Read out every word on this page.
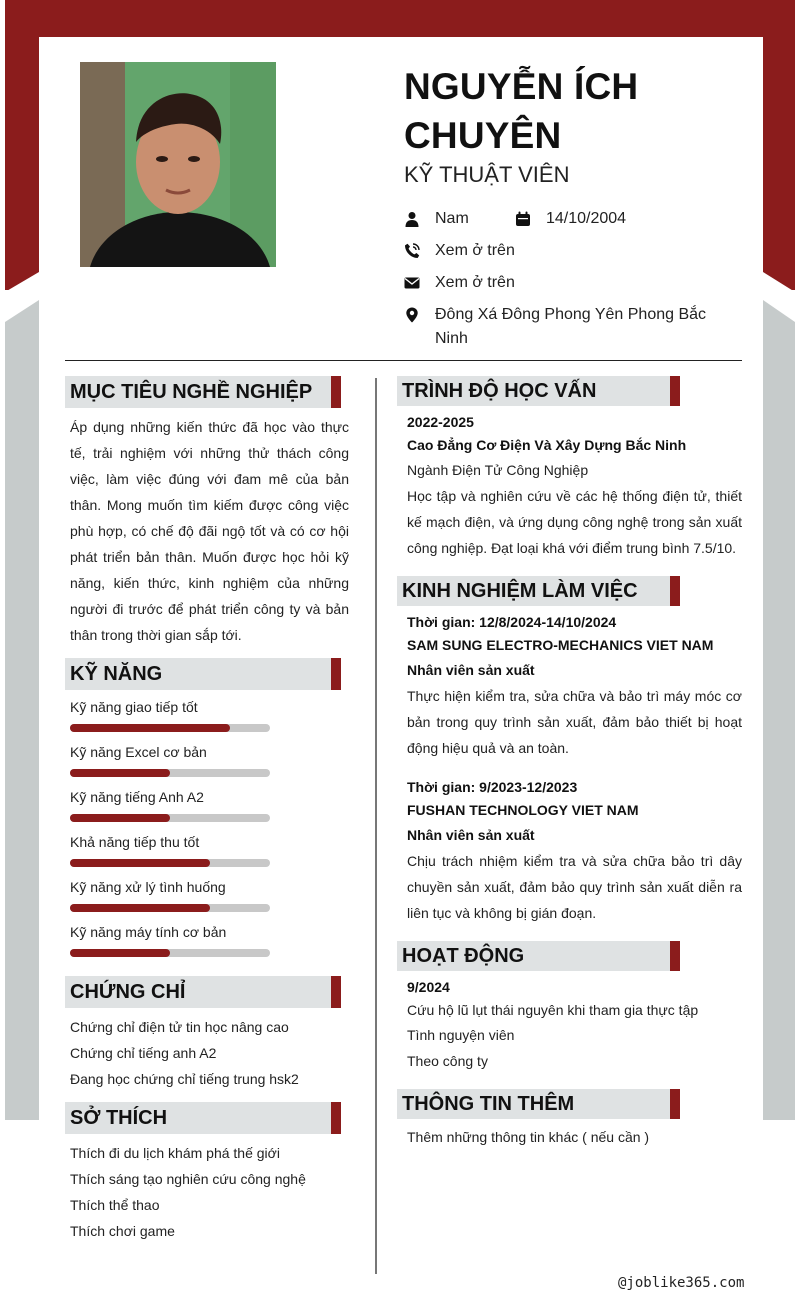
NGUYỄN ÍCH CHUYÊN
KỸ THUẬT VIÊN
Nam	14/10/2004
Xem ở trên
Xem ở trên
Đông Xá Đông Phong Yên Phong Bắc Ninh
MỤC TIÊU NGHỀ NGHIỆP
Áp dụng những kiến thức đã học vào thực tế, trải nghiệm với những thử thách công việc, làm việc đúng với đam mê của bản thân. Mong muốn tìm kiếm được công việc phù hợp, có chế độ đãi ngộ tốt và có cơ hội phát triển bản thân. Muốn được học hỏi kỹ năng, kiến thức, kinh nghiệm của những người đi trước để phát triển công ty và bản thân trong thời gian sắp tới.
KỸ NĂNG
Kỹ năng giao tiếp tốt
Kỹ năng Excel cơ bản
Kỹ năng tiếng Anh A2
Khả năng tiếp thu tốt
Kỹ năng xử lý tình huống
Kỹ năng máy tính cơ bản
CHỨNG CHỈ
Chứng chỉ điện tử tin học nâng cao
Chứng chỉ tiếng anh A2
Đang học chứng chỉ tiếng trung hsk2
SỞ THÍCH
Thích đi du lịch khám phá thế giới
Thích sáng tạo nghiên cứu công nghệ
Thích thể thao
Thích chơi game
TRÌNH ĐỘ HỌC VẤN
2022-2025
Cao Đẳng Cơ Điện Và Xây Dựng Bắc Ninh
Ngành Điện Tử Công Nghiệp
Học tập và nghiên cứu về các hệ thống điện tử, thiết kế mạch điện, và ứng dụng công nghệ trong sản xuất công nghiệp. Đạt loại khá với điểm trung bình 7.5/10.
KINH NGHIỆM LÀM VIỆC
Thời gian: 12/8/2024-14/10/2024
SAM SUNG ELECTRO-MECHANICS VIET NAM
Nhân viên sản xuất
Thực hiện kiểm tra, sửa chữa và bảo trì máy móc cơ bản trong quy trình sản xuất, đảm bảo thiết bị hoạt động hiệu quả và an toàn.
Thời gian: 9/2023-12/2023
FUSHAN TECHNOLOGY VIET NAM
Nhân viên sản xuất
Chịu trách nhiệm kiểm tra và sửa chữa bảo trì dây chuyền sản xuất, đảm bảo quy trình sản xuất diễn ra liên tục và không bị gián đoạn.
HOẠT ĐỘNG
9/2024
Cứu hộ lũ lụt thái nguyên khi tham gia thực tập
Tình nguyện viên
Theo công ty
THÔNG TIN THÊM
Thêm những thông tin khác ( nếu cần )
@joblike365.com
